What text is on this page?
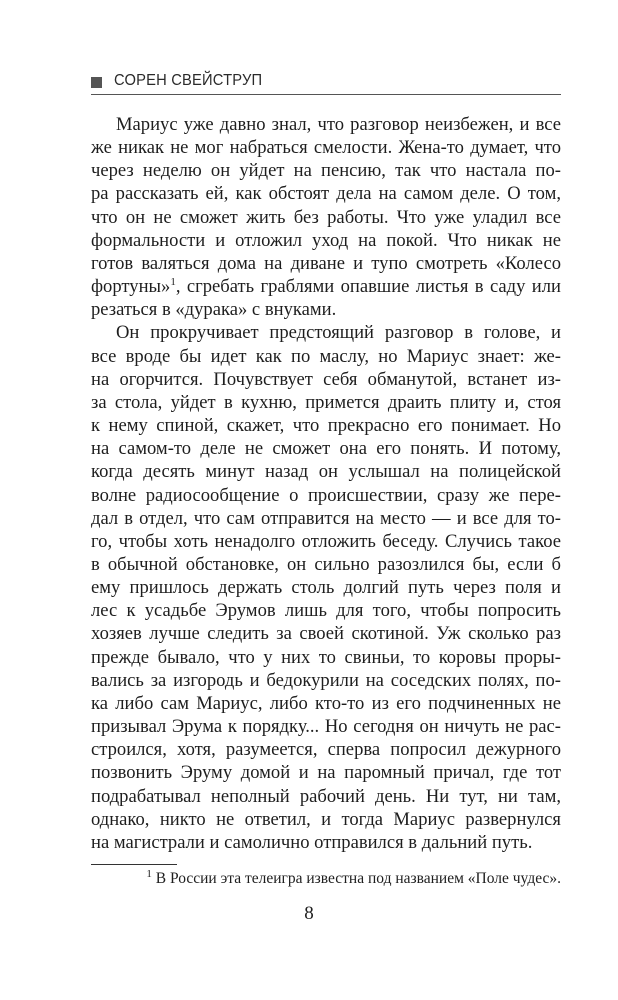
СОРЕН СВЕЙСТРУП
Мариус уже давно знал, что разговор неизбежен, и все
же никак не мог набраться смелости. Жена-то думает, что
через неделю он уйдет на пенсию, так что настала по-
ра рассказать ей, как обстоят дела на самом деле. О том,
что он не сможет жить без работы. Что уже уладил все
формальности и отложил уход на покой. Что никак не
готов валяться дома на диване и тупо смотреть «Колесо
фортуны»$^1$, сгребать граблями опавшие листья в саду или
резаться в «дурака» с внуками.
Он прокручивает предстоящий разговор в голове, и
все вроде бы идет как по маслу, но Мариус знает: же-
на огорчится. Почувствует себя обманутой, встанет из-
за стола, уйдет в кухню, примется драить плиту и, стоя
к нему спиной, скажет, что прекрасно его понимает. Но
на самом-то деле не сможет она его понять. И потому,
когда десять минут назад он услышал на полицейской
волне радиосообщение о происшествии, сразу же пере-
дал в отдел, что сам отправится на место — и все для то-
го, чтобы хоть ненадолго отложить беседу. Случись такое
в обычной обстановке, он сильно разозлился бы, если б
ему пришлось держать столь долгий путь через поля и
лес к усадьбе Эрумов лишь для того, чтобы попросить
хозяев лучше следить за своей скотиной. Уж сколько раз
прежде бывало, что у них то свиньи, то коровы проры-
вались за изгородь и бедокурили на соседских полях, по-
ка либо сам Мариус, либо кто-то из его подчиненных не
призывал Эрума к порядку... Но сегодня он ничуть не рас-
строился, хотя, разумеется, сперва попросил дежурного
позвонить Эруму домой и на паромный причал, где тот
подрабатывал неполный рабочий день. Ни тут, ни там,
однако, никто не ответил, и тогда Мариус развернулся
на магистрали и самолично отправился в дальний путь.
$^1$ В России эта телеигра известна под названием «Поле чудес».
8
